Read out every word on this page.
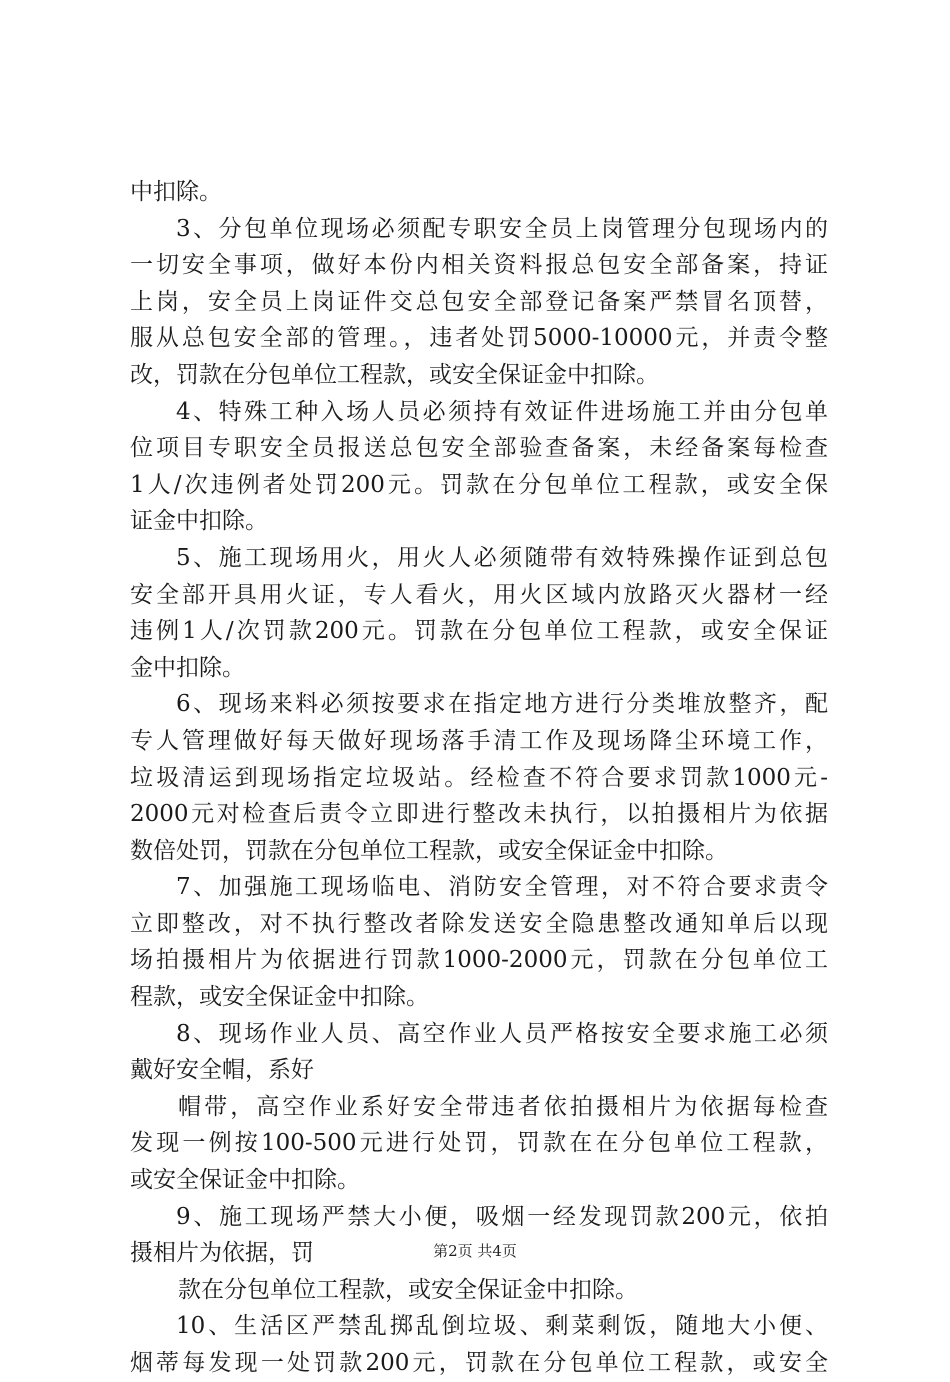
中扣除。
3、分包单位现场必须配专职安全员上岗管理分包现场内的
一切安全事项，做好本份内相关资料报总包安全部备案，持证
上岗，安全员上岗证件交总包安全部登记备案严禁冒名顶替，
服从总包安全部的管理。，违者处罚5000-10000元，并责令整
改，罚款在分包单位工程款，或安全保证金中扣除。
4、特殊工种入场人员必须持有效证件进场施工并由分包单
位项目专职安全员报送总包安全部验查备案，未经备案每检查
1人/次违例者处罚200元。罚款在分包单位工程款，或安全保
证金中扣除。
5、施工现场用火，用火人必须随带有效特殊操作证到总包
安全部开具用火证，专人看火，用火区域内放路灭火器材一经
违例1人/次罚款200元。罚款在分包单位工程款，或安全保证
金中扣除。
6、现场来料必须按要求在指定地方进行分类堆放整齐，配
专人管理做好每天做好现场落手清工作及现场降尘环境工作，
垃圾清运到现场指定垃圾站。经检查不符合要求罚款1000元-
2000元对检查后责令立即进行整改未执行，以拍摄相片为依据
数倍处罚，罚款在分包单位工程款，或安全保证金中扣除。
7、加强施工现场临电、消防安全管理，对不符合要求责令
立即整改，对不执行整改者除发送安全隐患整改通知单后以现
场拍摄相片为依据进行罚款1000-2000元，罚款在分包单位工
程款，或安全保证金中扣除。
8、现场作业人员、高空作业人员严格按安全要求施工必须
戴好安全帽，系好
帽带，高空作业系好安全带违者依拍摄相片为依据每检查
发现一例按100-500元进行处罚，罚款在在分包单位工程款，
或安全保证金中扣除。
9、施工现场严禁大小便，吸烟一经发现罚款200元，依拍
摄相片为依据，罚
款在分包单位工程款，或安全保证金中扣除。
10、生活区严禁乱掷乱倒垃圾、剩菜剩饭，随地大小便、
烟蒂每发现一处罚款200元，罚款在分包单位工程款，或安全
第2页 共4页
